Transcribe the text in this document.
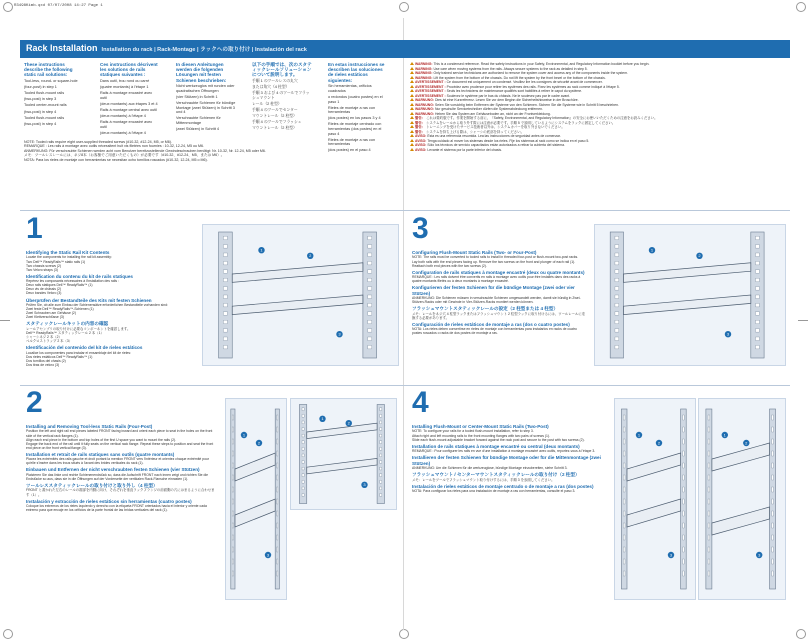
R3498Kimb.qxd 07/07/2008 14:27 Page 1
Rack Installation Installation du rack | Rack-Montage | ラックへの取り付け | Instalación del rack
These instructions describe the following static rail solutions:
Tool-less, round- or square-hole
(four-post) in step 1
Tooled flush-mount rails
(two-post) in step 3
Tooled center-mount rails
(two-post) in step 4
Tooled flush-mount rails
(two-post) in step 4
Ces instructions décrivent les solutions de rails statiques suivantes :
Dans outil, trou rond ou carré
(quatre montants) à l'étape 1
Rails à montage encastré avec outil
(deux montants) aux étapes 3 et 4
Rails à montage central avec outil
(deux montants) à l'étape 4
Rails à montage encastré avec outil
(deux montants) à l'étape 4
In diesen Anleitungen werden die folgenden Lösungen mit festen Schienen beschrieben:
Nicht werkzeuglos mit runden oder quadratischen Öffnungen
(vier Stützen) in Schritt 1
Verschraubte Schienen für bündige Montage (zwei Stützen) in Schritt 3 und 4
Verschraubte Schienen für Mittenmontage
(zwei Stützen) in Schritt 4
以下の手順では、次のスタティックレールソリューションについて説明します。
手順 1 のツールレスの丸穴
または角穴（4 柱型）
手順 3 および 4 のツールでフラッシュマウント
レール（2 柱型）
手順 4 のツールでセンター
マウントレール（2 柱型）
手順 4 のツールでフラッシュ
マウントレール（2 柱型）
En estas instrucciones se describen las soluciones de rieles estáticos siguientes:
Sin herramientas, orificios cuadrados
o redondos (cuatro postes) en el paso 1
Rieles de montaje a ras con herramientas
(dos postes) en los pasos 3 y 4
Rieles de montaje centrado con herramientas (dos postes) en el paso 4
Rieles de montaje a ras con herramientas
(dos postes) en el paso 4
NOTE: Tooled rails require eight user-supplied threaded screws (#10-32, #12-24, M5, or M6).
REMARQUE : Les rails à montage avec outils nécessitent huit vis filetées non fournies : 10-32, 12-24, M5 ou M6.
ANMERKUNG: Für verschraubte Schienen werden acht vom Benutzer bereitzustellende Gewindeschrauben benötigt: Nr. 10-32, Nr. 12-24, M5 oder M6.
メモ：ツールレスレールには、ネジ8本（お客様でご用意いただくもの）が必要です（#10-32、#12-24、M5、または M6）。
NOTA: Para los rieles de montaje con herramientas se necesitan ocho tornillos roscados (#10-32, 12-24, M5 o M6).
WARNING: This is a condensed reference. Read the safety instructions in your Safety, Environmental, and Regulatory Information booklet before you begin.
WARNING: Use care when moving systems from the rails. Always secure systems to the rack as detailed in step 5.
WARNING: Only trained service technicians are authorized to remove the system cover and access any of the components inside the system.
WARNING: Lift the system from the bottom of the chassis. Do not lift the system by the front bezel or the bottom of the chassis.
AVERTISSEMENT : Ce document est uniquement un condensé. Veuillez lire les consignes de sécurité avant de commencer.
AVERTISSEMENT : Procédez avec prudence pour retirer les systèmes des rails. Fixez les systèmes au rack comme indiqué à l'étape 5.
AVERTISSEMENT : Seuls les techniciens de maintenance qualifiés sont habilités à retirer le capot du système.
AVERTISSEMENT : Soulevez le système par le bas du châssis. Ne le soulevez pas par le cadre avant.
WARNUNG: Dies ist eine Kurzreferenz. Lesen Sie vor dem Beginn die Sicherheitshinweise in der Broschüre.
WARNUNG: Seien Sie vorsichtig beim Entfernen der Systeme von den Schienen. Sichern Sie die Systeme wie in Schritt 5 beschrieben.
WARNUNG: Nur geschulte Servicetechniker dürfen die Systemabdeckung entfernen.
WARNUNG: Heben Sie das System am Gehäuseboden an, nicht an der Frontverkleidung.
警告： これは要約版です。作業を開始する前に、『Safety, Environmental, and Regulatory Information』の安全にお使いいただくための注意をお読みください。
警告： システムをレールから取り外す際には注意が必要です。手順 5 で説明しているようにシステムをラックに固定してください。
警告： トレーニングを受けたサービス技術者以外は、システムカバーを取り外さないでください。
警告： システムを持ち上げる際は、シャーシの底部を持ってください。
AVISO: Ésta es una referencia resumida. Lea las instrucciones de seguridad antes de comenzar.
AVISO: Tenga cuidado al mover los sistemas desde los rieles. Fije los sistemas al rack como se indica en el paso 5.
AVISO: Sólo los técnicos de servicio capacitados están autorizados a retirar la cubierta del sistema.
AVISO: Levante el sistema por la parte inferior del chasis.
1
Identifying the Static Rail Kit Contents
Locate the components for installing the rail kit assembly:
Two Dell™ ReadyRails™ static rails (1)
Two chassis screws (2)
Two Velcro straps (3)
Identification du contenu du kit de rails statiques
Repérez les composants nécessaires à l'installation des rails :
Deux rails statiques Dell™ ReadyRails™ (1)
Deux vis de châssis (2)
Deux bandes Velcro (3)
Überprüfen der Bestandteile des Kits mit festen Schienen
Prüfen Sie, ob alle zum Einbau der Schienensätze erforderlichen Bestandteile vorhanden sind:
Zwei feste Dell™ ReadyRails™-Schienen (1)
Zwei Schrauben am Gehäuse (2)
Zwei Klettverschlüsse (3)
スタティックレールキットの内容の確認
レールアセンブリの取り付けに必要なコンポーネントを確認します。
Dell™ ReadyRails™ スタティックレール 2 本（1）
シャーシネジ 2 本（2）
ベルクロストラップ 2 本（3）
Identificación del contenido del kit de rieles estáticos
Localice los componentes para instalar el ensamblaje del kit de rieles:
Dos rieles estáticos Dell™ ReadyRails™ (1)
Dos tornillos del chasis (2)
Dos tiras de velcro (3)
1
2
3
3
Configuring Flush-Mount Static Rails (Two- or Four-Post)
NOTE: The rails must be converted to tooled rails to install in threaded four-post or flush-mount two-post racks.
Lay both rails with the end pieces facing up. Remove the two screws on the front and plunger of each rail (1).
Reattach both end pieces with the two screws (2).
Configuration de rails statiques à montage encastré (deux ou quatre montants)
REMARQUE : Les rails doivent être convertis en rails à montage avec outils pour être installés dans des racks à quatre montants filetés ou à deux montants à montage encastré.
Konfigurieren der festen Schienen für die bündige Montage (zwei oder vier Stützen)
ANMERKUNG: Die Schienen müssen in verschraubte Schienen umgewandelt werden, damit sie bündig in Zwei-Stützen-Racks oder mit Gewinde in Vier-Stützen-Racks montiert werden können.
フラッシュマウントスタティックレールの設定（2 柱型または 4 柱型）
メモ：レールをネジ穴 4 柱型ラックまたはフラッシュマウント 2 柱型ラックに取り付けるには、ツールレールに変換する必要があります。
Configuración de rieles estáticos de montaje a ras (dos o cuatro postes)
NOTA: Los rieles deben convertirse en rieles de montaje con herramientas para instalarlos en racks de cuatro postes roscados o racks de dos postes de montaje a ras.
1
2
3
2
Installing and Removing Tool-less Static Rails (Four-Post)
Position the left and right rail end pieces labeled FRONT facing inward and orient each piece to seat in the holes on the front side of the vertical rack flanges (1).
Align each end piece in the bottom and top holes of the first U space you want to mount the rails (2).
Engage the back end of the rail until it fully seats on the vertical rack flange. Repeat these steps to position and seat the front end piece on the front vertical flange (3).
Installation et retrait de rails statiques sans outils (quatre montants)
Placez les extrémités des rails gauche et droit portant la mention FRONT vers l'intérieur et orientez chaque extrémité pour qu'elle s'insère dans les trous situés à l'avant des brides verticales du rack (1).
Einbauen und Entfernen der nicht verschraubten festen Schienen (vier Stützen)
Platzieren Sie das linke und rechte Schienenendstück so, dass die Aufschrift FRONT nach innen zeigt und richten Sie die Endstücke so aus, dass sie in die Öffnungen auf der Vorderseite der vertikalen Rack-Flansche einrasten (1).
ツールレススタティックレールの取り付けと取り外し（4 柱型）
FRONT と書かれた左右のレールの端部を内側に向け、それぞれを垂直ラックフランジの前面側の穴にはまるように合わせます（1）。
Instalación y extracción de rieles estáticos sin herramientas (cuatro postes)
Coloque los extremos de los rieles izquierdo y derecho con la etiqueta FRONT orientados hacia el interior y oriente cada extremo para que encaje en los orificios de la parte frontal de las bridas verticales del rack (1).
1
2
3
1
2
3
4
Installing Flush-Mount or Center-Mount Static Rails (Two-Post)
NOTE: To configure your rails for a tooled flush-mount installation, refer to step 3.
Attach right and left mounting rails to the front mounting flanges with two pairs of screws (1).
Slide each flush-mount adjustable bracket forward against the rack post and secure to the post with two screws (2).
Installation de rails statiques à montage encastré ou central (deux montants)
REMARQUE : Pour configurer les rails en vue d'une installation à montage encastré avec outils, reportez-vous à l'étape 3.
Installieren der festen Schienen für bündige Montage oder für die Mittenmontage (zwei Stützen)
ANMERKUNG: Um die Schienen für die werkzeuglose, bündige Montage einzubereiten, siehe Schritt 3.
フラッシュマウント / センターマウントスタティックレールの取り付け（2 柱型）
メモ：レールをツールでフラッシュマウント取り付けするには、手順 3 を参照してください。
Instalación de rieles estáticos de montaje centrado o de montaje a ras (dos postes)
NOTA: Para configurar los rieles para una instalación de montaje a ras con herramientas, consulte el paso 3.
1
2
3
1
2
3
